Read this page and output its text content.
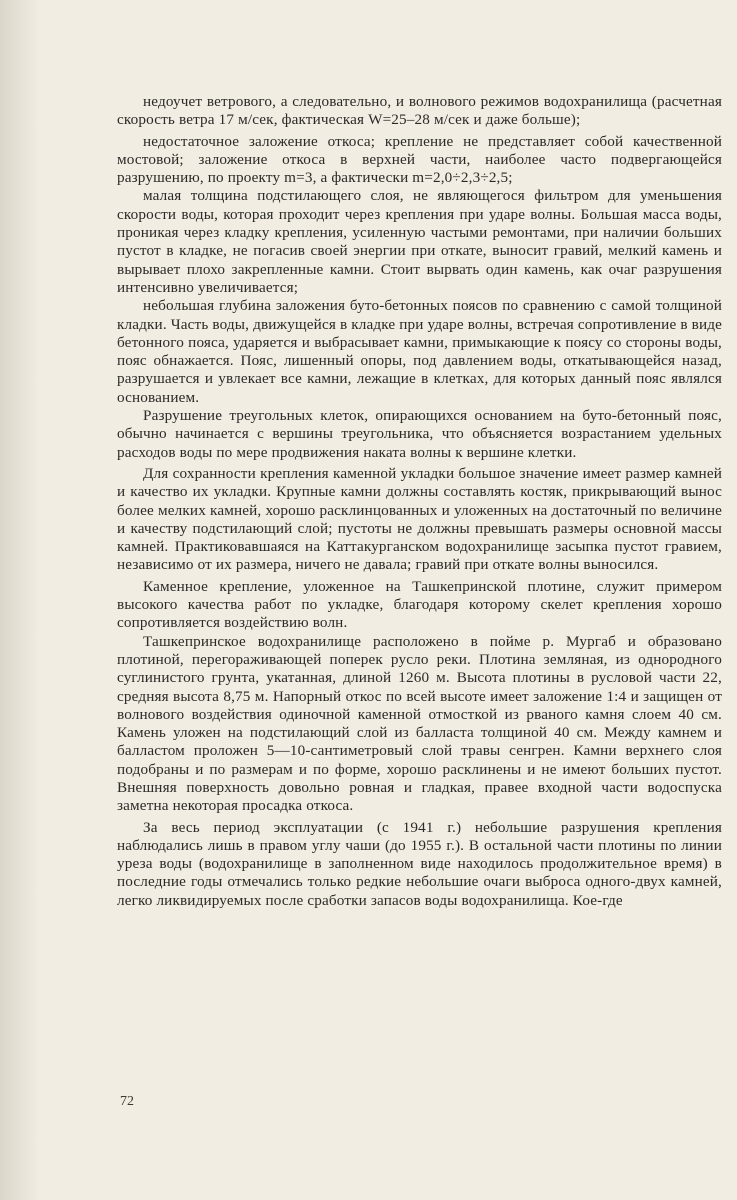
недоучет ветрового, а следовательно, и волнового режимов водохранилища (расчетная скорость ветра 17 м/сек, фактическая W=25–28 м/сек и даже больше);

недостаточное заложение откоса; крепление не представляет собой качественной мостовой; заложение откоса в верхней части, наиболее часто подвергающейся разрушению, по проекту m=3, а фактически m=2,0÷2,3÷2,5;

малая толщина подстилающего слоя, не являющегося фильтром для уменьшения скорости воды, которая проходит через крепления при ударе волны. Большая масса воды, проникая через кладку крепления, усиленную частыми ремонтами, при наличии больших пустот в кладке, не погасив своей энергии при откате, выносит гравий, мелкий камень и вырывает плохо закрепленные камни. Стоит вырвать один камень, как очаг разрушения интенсивно увеличивается;

небольшая глубина заложения буто-бетонных поясов по сравнению с самой толщиной кладки. Часть воды, движущейся в кладке при ударе волны, встречая сопротивление в виде бетонного пояса, ударяется и выбрасывает камни, примыкающие к поясу со стороны воды, пояс обнажается. Пояс, лишенный опоры, под давлением воды, откатывающейся назад, разрушается и увлекает все камни, лежащие в клетках, для которых данный пояс являлся основанием.

Разрушение треугольных клеток, опирающихся основанием на буто-бетонный пояс, обычно начинается с вершины треугольника, что объясняется возрастанием удельных расходов воды по мере продвижения наката волны к вершине клетки.

Для сохранности крепления каменной укладки большое значение имеет размер камней и качество их укладки. Крупные камни должны составлять костяк, прикрывающий вынос более мелких камней, хорошо расклинцованных и уложенных на достаточный по величине и качеству подстилающий слой; пустоты не должны превышать размеры основной массы камней. Практиковавшаяся на Каттакурганском водохранилище засыпка пустот гравием, независимо от их размера, ничего не давала; гравий при откате волны выносился.

Каменное крепление, уложенное на Ташкепринской плотине, служит примером высокого качества работ по укладке, благодаря которому скелет крепления хорошо сопротивляется воздействию волн.

Ташкепринское водохранилище расположено в пойме р. Мургаб и образовано плотиной, перегораживающей поперек русло реки. Плотина земляная, из однородного суглинистого грунта, укатанная, длиной 1260 м. Высота плотины в русловой части 22, средняя высота 8,75 м. Напорный откос по всей высоте имеет заложение 1:4 и защищен от волнового воздействия одиночной каменной отмосткой из рваного камня слоем 40 см. Камень уложен на подстилающий слой из балласта толщиной 40 см. Между камнем и балластом проложен 5—10-сантиметровый слой травы сенгрен. Камни верхнего слоя подобраны и по размерам и по форме, хорошо расклинены и не имеют больших пустот. Внешняя поверхность довольно ровная и гладкая, правее входной части водоспуска заметна некоторая просадка откоса.

За весь период эксплуатации (с 1941 г.) небольшие разрушения крепления наблюдались лишь в правом углу чаши (до 1955 г.). В остальной части плотины по линии уреза воды (водохранилище в заполненном виде находилось продолжительное время) в последние годы отмечались только редкие небольшие очаги выброса одного-двух камней, легко ликвидируемых после сработки запасов воды водохранилища. Кое-где

72
